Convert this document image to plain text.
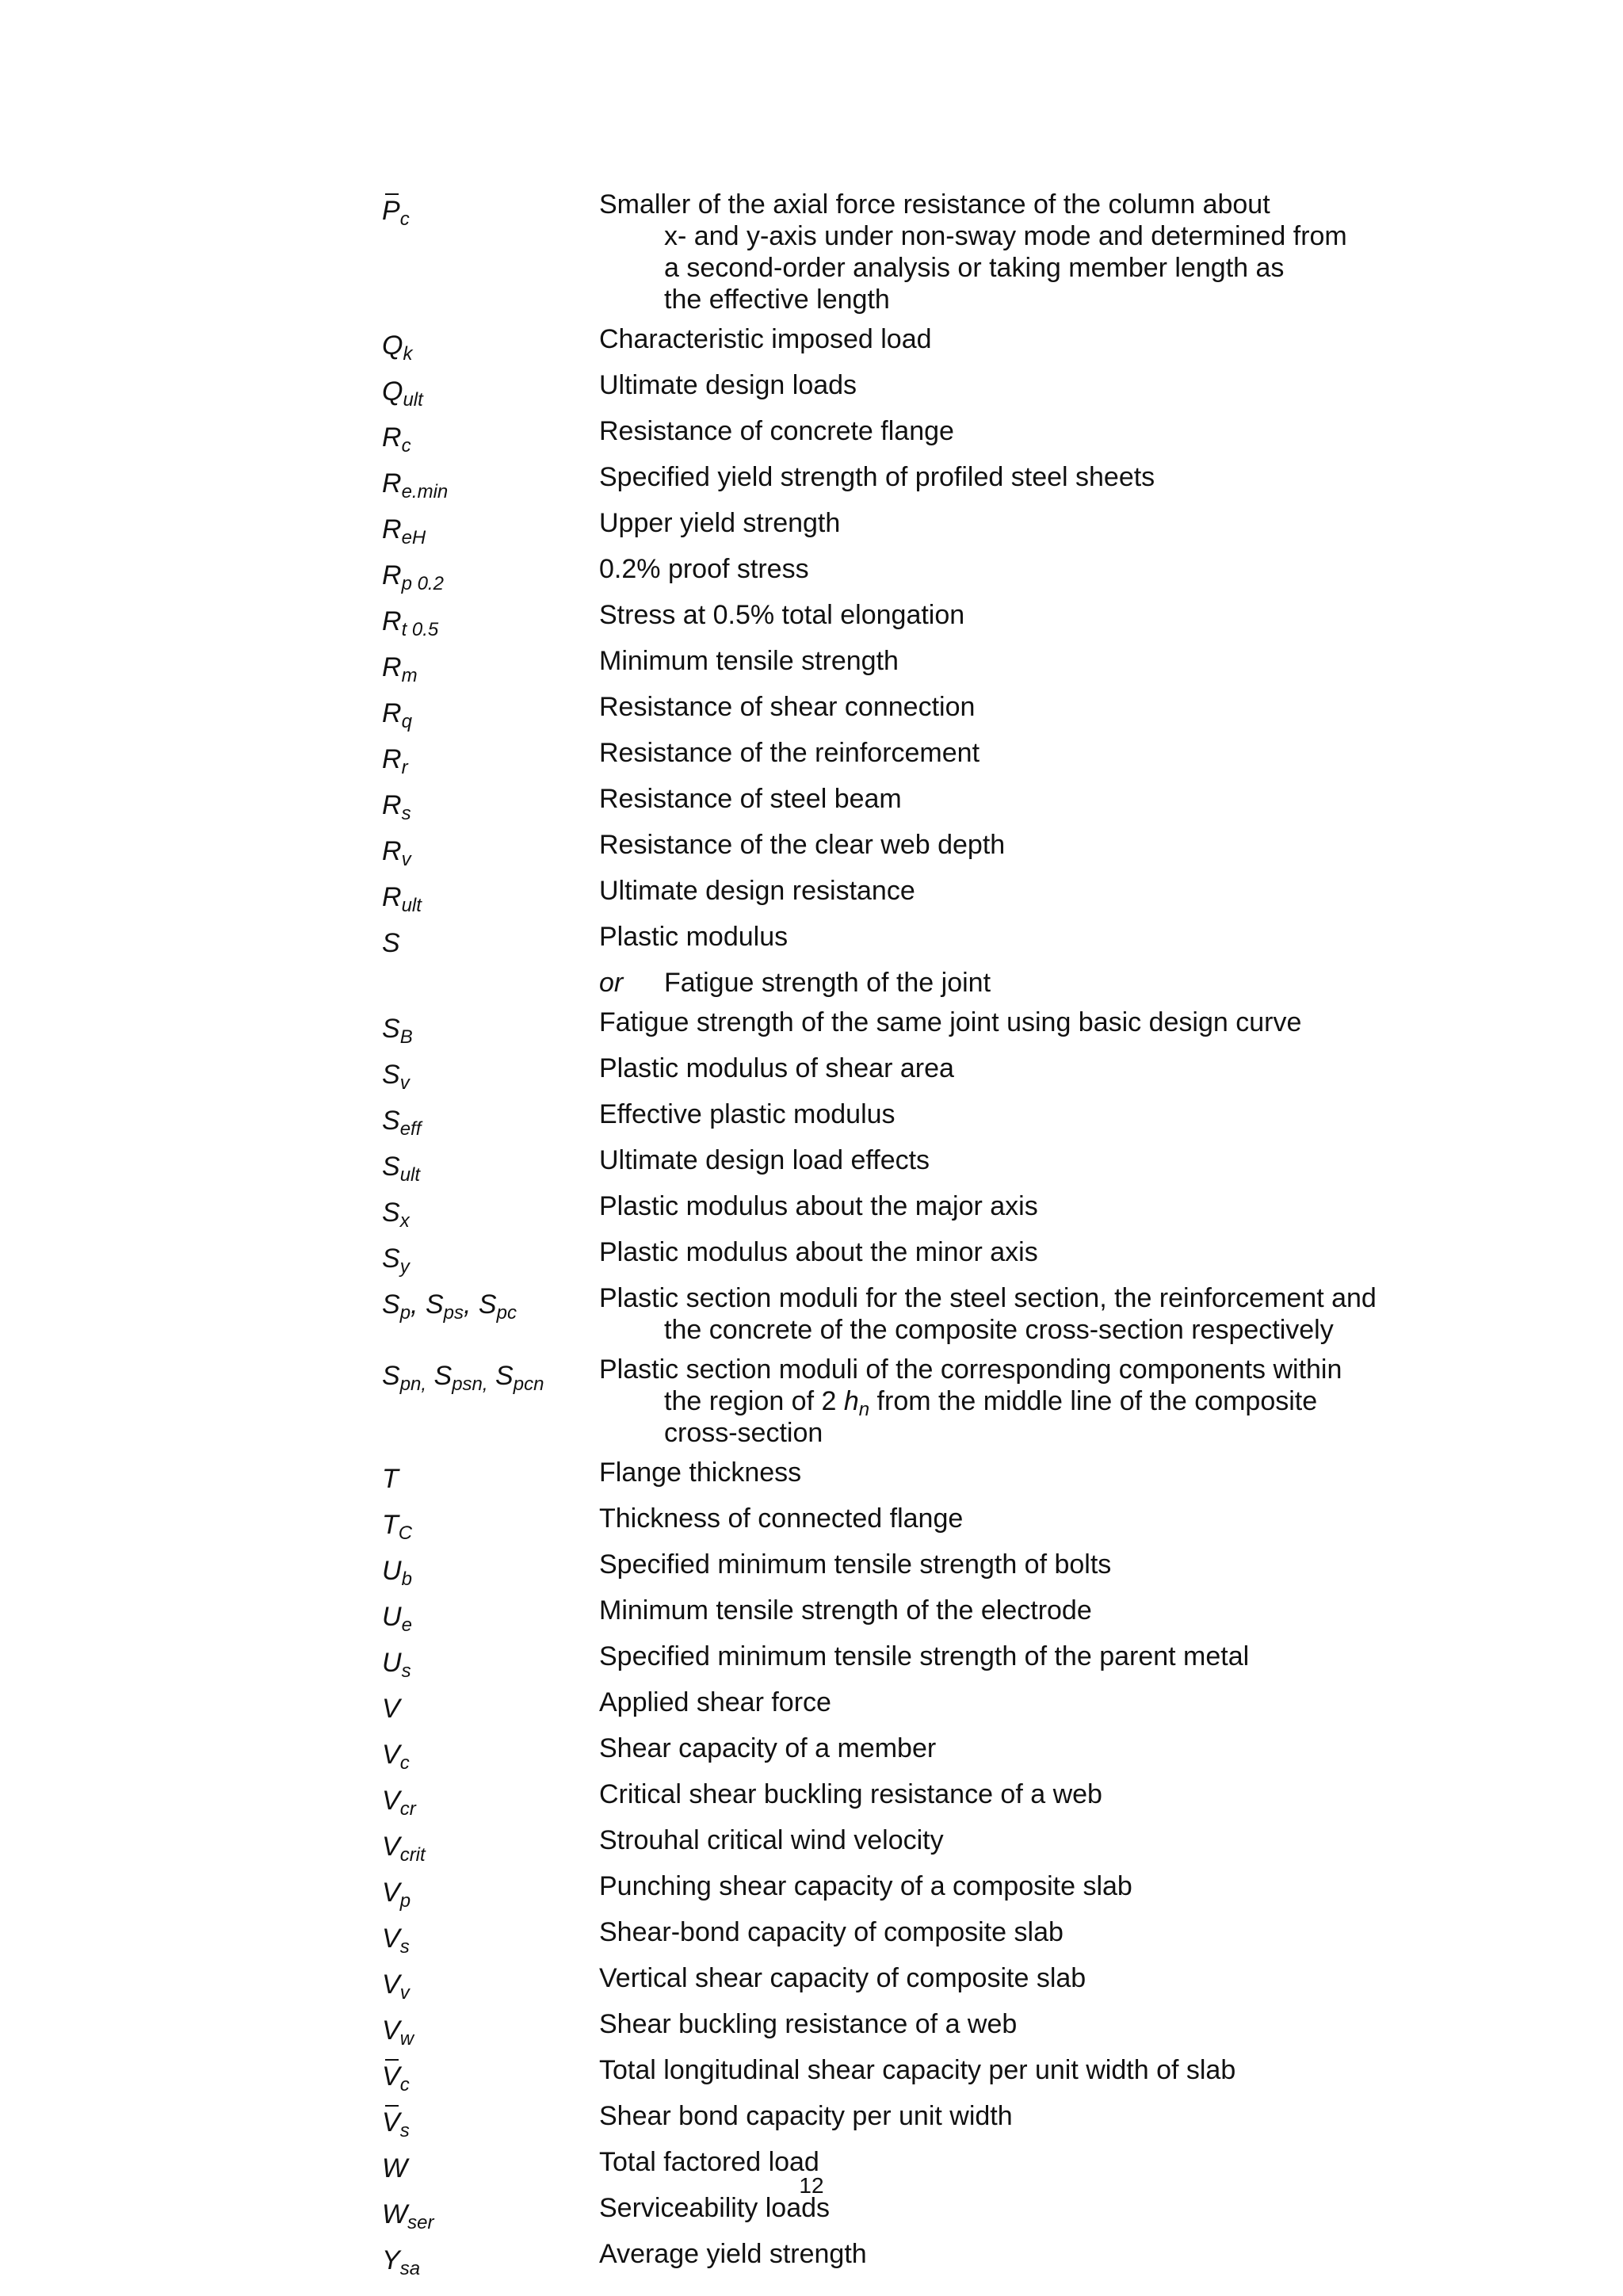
$P_c$	Smaller of the axial force resistance of the column about
x- and y-axis under non-sway mode and determined from
a second-order analysis or taking member length as
the effective length
$Q_k$	Characteristic imposed load
$Q_{ult}$	Ultimate design loads
$R_c$	Resistance of concrete flange
$R_{e.min}$	Specified yield strength of profiled steel sheets
$R_{eH}$	Upper yield strength
$R_{p 0.2}$	0.2% proof stress
$R_{t 0.5}$	Stress at 0.5% total elongation
$R_m$	Minimum tensile strength
$R_q$	Resistance of shear connection
$R_r$	Resistance of the reinforcement
$R_s$	Resistance of steel beam
$R_v$	Resistance of the clear web depth
$R_{ult}$	Ultimate design resistance
S	Plastic modulus
or Fatigue strength of the joint
$S_B$	Fatigue strength of the same joint using basic design curve
$S_v$	Plastic modulus of shear area
$S_{eff}$	Effective plastic modulus
$S_{ult}$	Ultimate design load effects
$S_x$	Plastic modulus about the major axis
$S_y$	Plastic modulus about the minor axis
$S_p$, $S_{ps}$, $S_{pc}$	Plastic section moduli for the steel section, the reinforcement and
the concrete of the composite cross-section respectively
$S_{pn,}$ $S_{psn,}$ $S_{pcn}$	Plastic section moduli of the corresponding components within
the region of 2 $h_n$ from the middle line of the composite
cross-section
T	Flange thickness
$T_C$	Thickness of connected flange
$U_b$	Specified minimum tensile strength of bolts
$U_e$	Minimum tensile strength of the electrode
$U_s$	Specified minimum tensile strength of the parent metal
V	Applied shear force
$V_c$	Shear capacity of a member
$V_{cr}$	Critical shear buckling resistance of a web
$V_{crit}$	Strouhal critical wind velocity
$V_p$	Punching shear capacity of a composite slab
$V_s$	Shear-bond capacity of composite slab
$V_v$	Vertical shear capacity of composite slab
$V_w$	Shear buckling resistance of a web
$V_c$	Total longitudinal shear capacity per unit width of slab
$V_s$	Shear bond capacity per unit width
W	Total factored load
$W_{ser}$	Serviceability loads
$Y_{sa}$	Average yield strength
12
